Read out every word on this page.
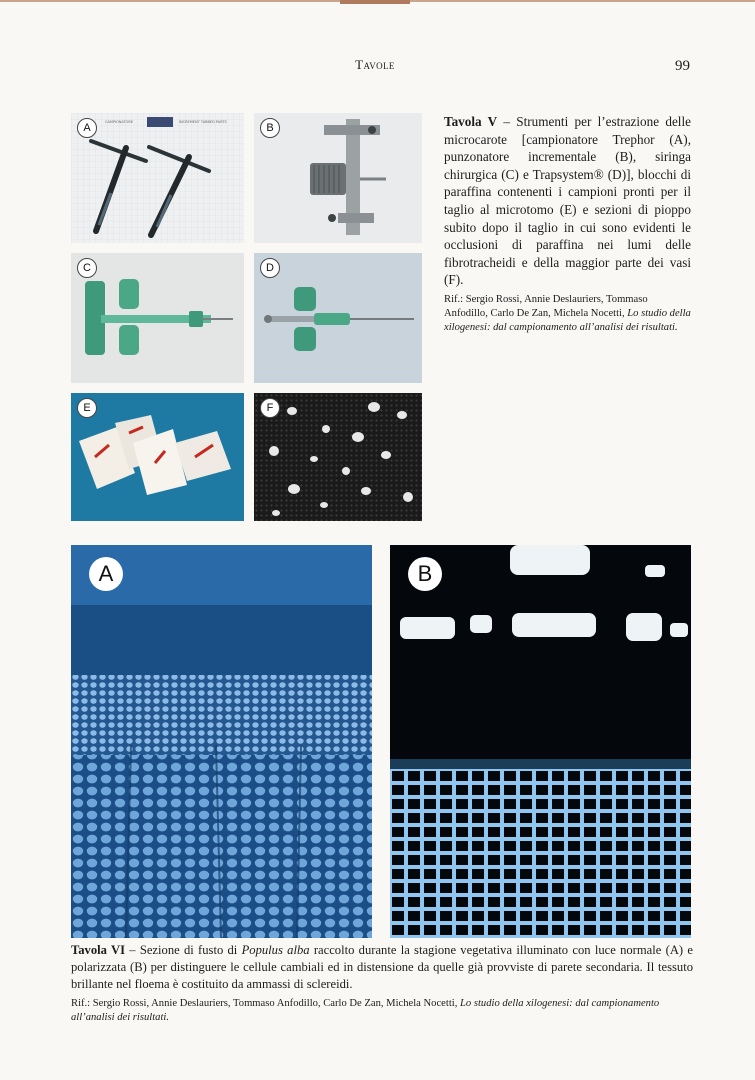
Tavole	99
CAMPIONATORE	INCREMENT TABBED PARTS
A	B
C	D
E	F
Tavola V – Strumenti per l’estrazione delle microcarote [campionatore Trephor (A), punzonatore incrementale (B), siringa chirurgica (C) e Trapsystem® (D)], blocchi di paraffina contenenti i campioni pronti per il taglio al microtomo (E) e sezioni di pioppo subito dopo il taglio in cui sono evidenti le occlusioni di paraffina nei lumi delle fibrotracheidi e della maggior parte dei vasi (F).
Rif.: Sergio Rossi, Annie Deslauriers, Tommaso Anfodillo, Carlo De Zan, Michela Nocetti, Lo studio della xilogenesi: dal campionamento all’analisi dei risultati.
A	B
Tavola VI – Sezione di fusto di Populus alba raccolto durante la stagione vegetativa illuminato con luce normale (A) e polarizzata (B) per distinguere le cellule cambiali ed in distensione da quelle già provviste di parete secondaria. Il tessuto brillante nel floema è costituito da ammassi di sclereidi.
Rif.: Sergio Rossi, Annie Deslauriers, Tommaso Anfodillo, Carlo De Zan, Michela Nocetti, Lo studio della xilogenesi: dal campionamento all’analisi dei risultati.
